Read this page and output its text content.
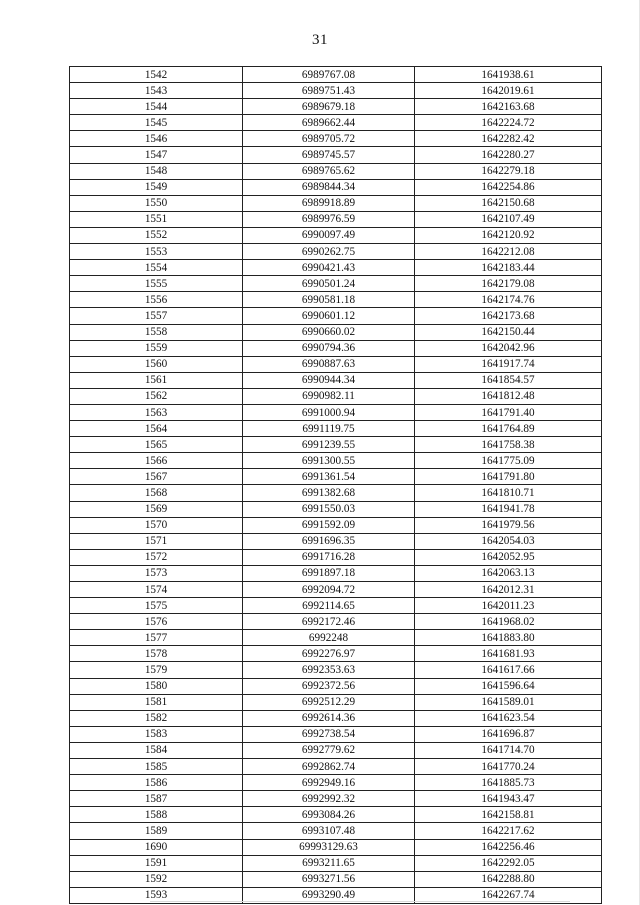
31
1542	6989767.08	1641938.61
1543	6989751.43	1642019.61
1544	6989679.18	1642163.68
1545	6989662.44	1642224.72
1546	6989705.72	1642282.42
1547	6989745.57	1642280.27
1548	6989765.62	1642279.18
1549	6989844.34	1642254.86
1550	6989918.89	1642150.68
1551	6989976.59	1642107.49
1552	6990097.49	1642120.92
1553	6990262.75	1642212.08
1554	6990421.43	1642183.44
1555	6990501.24	1642179.08
1556	6990581.18	1642174.76
1557	6990601.12	1642173.68
1558	6990660.02	1642150.44
1559	6990794.36	1642042.96
1560	6990887.63	1641917.74
1561	6990944.34	1641854.57
1562	6990982.11	1641812.48
1563	6991000.94	1641791.40
1564	6991119.75	1641764.89
1565	6991239.55	1641758.38
1566	6991300.55	1641775.09
1567	6991361.54	1641791.80
1568	6991382.68	1641810.71
1569	6991550.03	1641941.78
1570	6991592.09	1641979.56
1571	6991696.35	1642054.03
1572	6991716.28	1642052.95
1573	6991897.18	1642063.13
1574	6992094.72	1642012.31
1575	6992114.65	1642011.23
1576	6992172.46	1641968.02
1577	6992248	1641883.80
1578	6992276.97	1641681.93
1579	6992353.63	1641617.66
1580	6992372.56	1641596.64
1581	6992512.29	1641589.01
1582	6992614.36	1641623.54
1583	6992738.54	1641696.87
1584	6992779.62	1641714.70
1585	6992862.74	1641770.24
1586	6992949.16	1641885.73
1587	6992992.32	1641943.47
1588	6993084.26	1642158.81
1589	6993107.48	1642217.62
1690	69993129.63	1642256.46
1591	6993211.65	1642292.05
1592	6993271.56	1642288.80
1593	6993290.49	1642267.74
